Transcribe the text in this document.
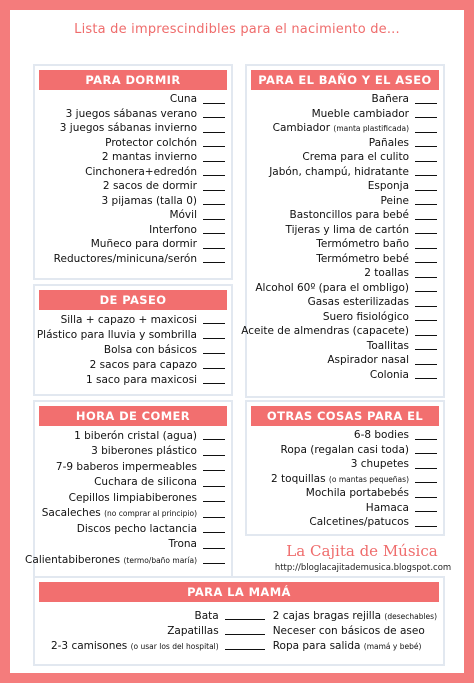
Lista de imprescindibles para el nacimiento de...
PARA DORMIR
Cuna
3 juegos sábanas verano
3 juegos sábanas invierno
Protector colchón
2 mantas invierno
Cinchonera+edredón
2 sacos de dormir
3 pijamas (talla 0)
Móvil
Interfono
Muñeco para dormir
Reductores/minicuna/serón
DE PASEO
Silla + capazo + maxicosi
Plástico para lluvia y sombrilla
Bolsa con básicos
2 sacos para capazo
1 saco para maxicosi
HORA DE COMER
1 biberón cristal (agua)
3 biberones plástico
7-9 baberos impermeables
Cuchara de silicona
Cepillos limpiabiberones
Sacaleches (no comprar al principio)
Discos pecho lactancia
Trona
Calientabiberones (termo/baño maría)
PARA EL BAÑO Y EL ASEO
Bañera
Mueble cambiador
Cambiador (manta plastificada)
Pañales
Crema para el culito
Jabón, champú, hidratante
Esponja
Peine
Bastoncillos para bebé
Tijeras y lima de cartón
Termómetro baño
Termómetro bebé
2 toallas
Alcohol 60º (para el ombligo)
Gasas esterilizadas
Suero fisiológico
Aceite de almendras (capacete)
Toallitas
Aspirador nasal
Colonia
OTRAS COSAS PARA EL BEBÉ
6-8 bodies
Ropa (regalan casi toda)
3 chupetes
2 toquillas (o mantas pequeñas)
Mochila portabebés
Hamaca
Calcetines/patucos
La Cajita de Música
http://bloglacajitademusica.blogspot.com
PARA LA MAMÁ
Bata
Zapatillas
2-3 camisones (o usar los del hospital)
2 cajas bragas rejilla (desechables)
Neceser con básicos de aseo
Ropa para salida (mamá y bebé)
